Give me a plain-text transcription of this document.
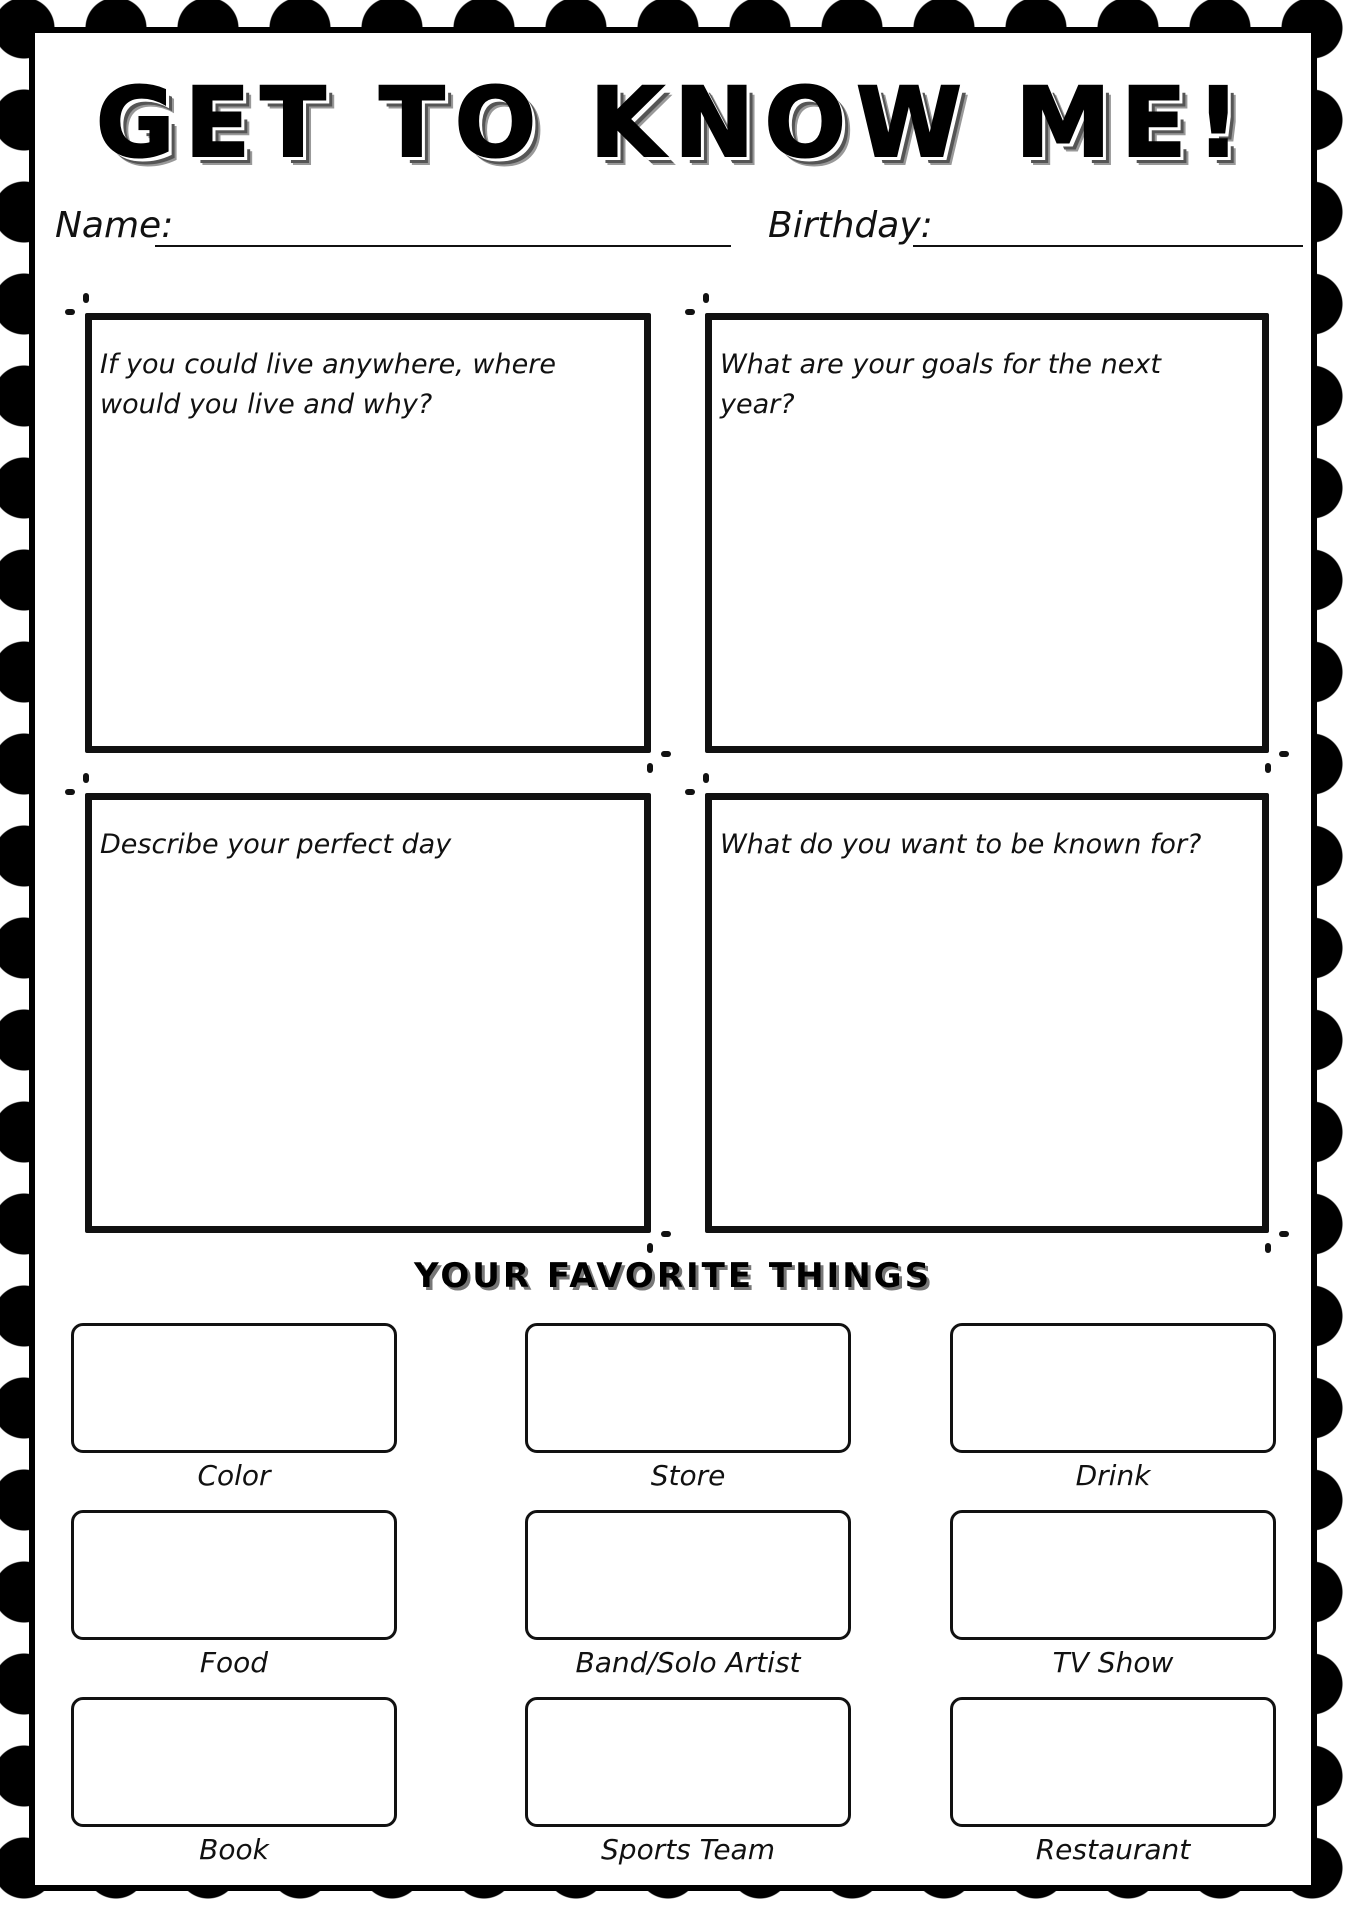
GET TO KNOW ME!
Name:	Birthday:
If you could live anywhere, where would you live and why?
What are your goals for the next year?
Describe your perfect day	What do you want to be known for?
YOUR FAVORITE THINGS
Color	Store	Drink
Food	Band/Solo Artist	TV Show
Book	Sports Team	Restaurant
